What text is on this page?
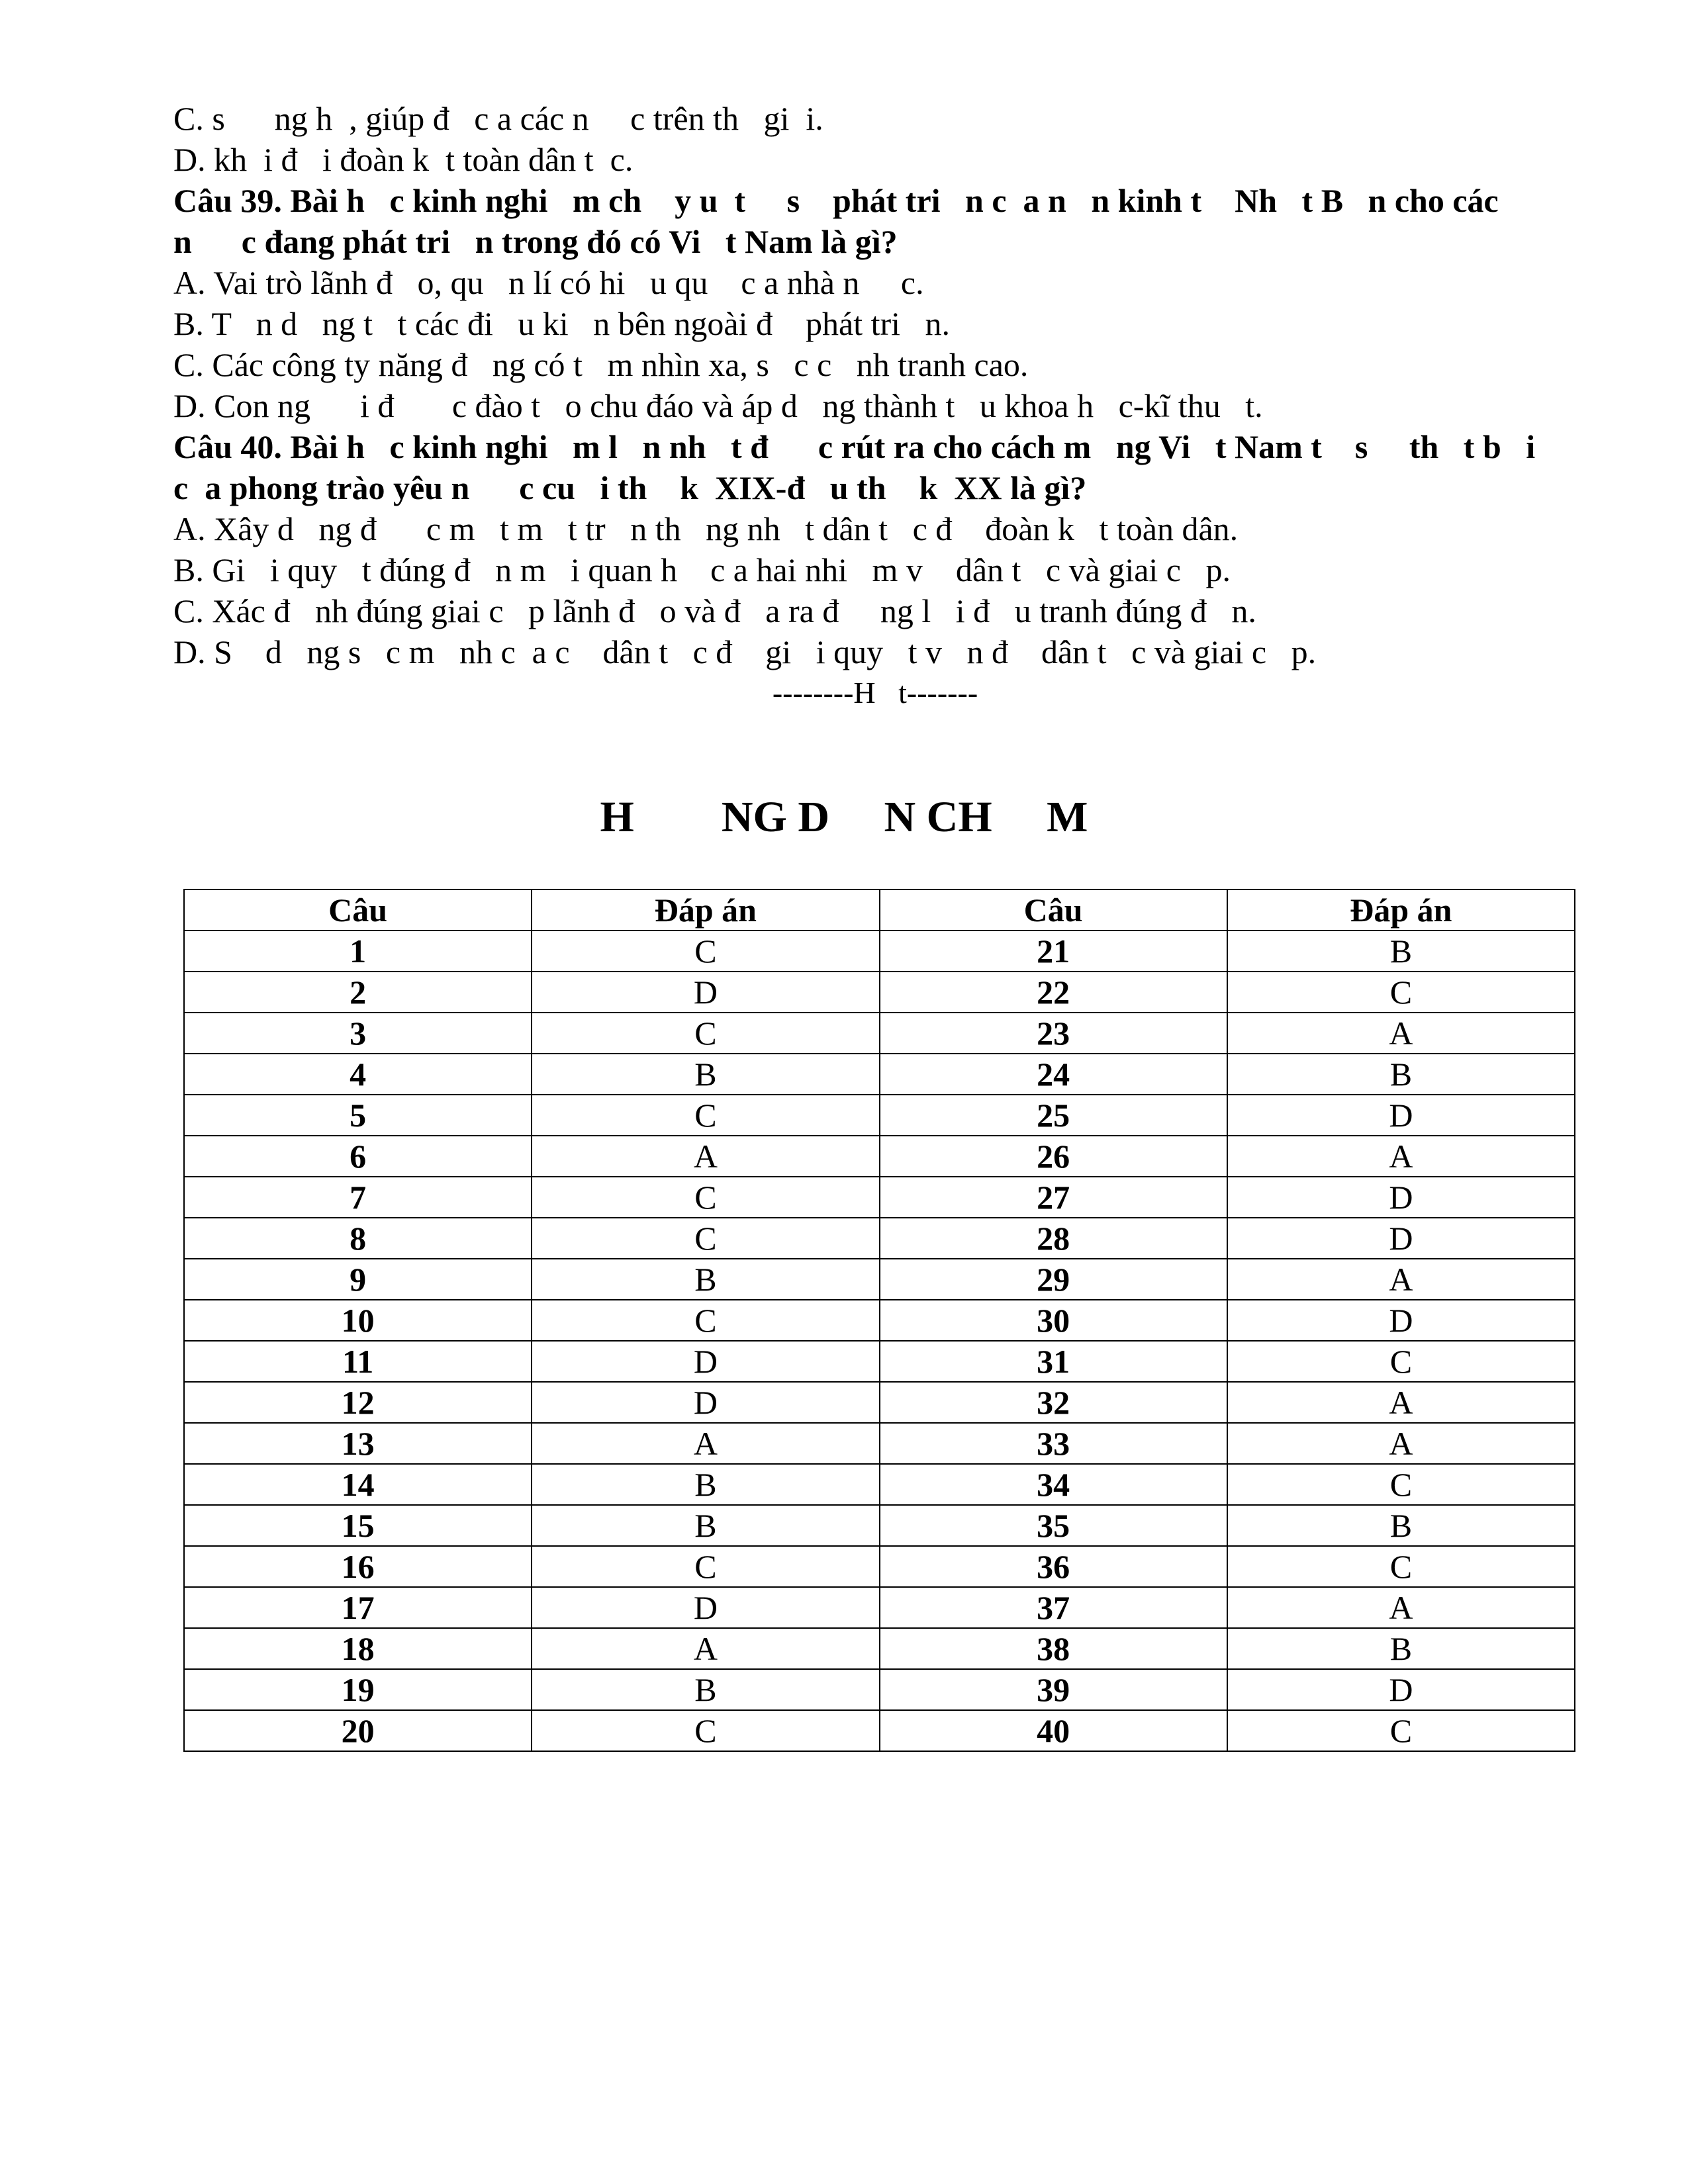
C. s      ng h  , giúp đ   c a các n     c trên th   gi  i.

D. kh  i đ   i đoàn k  t toàn dân t  c.

Câu 39. Bài h   c kinh nghi   m ch    y u  t     s    phát tri   n c  a n   n kinh t    Nh   t B   n cho các

n      c đang phát tri   n trong đó có Vi   t Nam là gì?

A. Vai trò lãnh đ   o, qu   n lí có hi   u qu    c a nhà n     c.

B. T   n d   ng t   t các đi   u ki   n bên ngoài đ    phát tri   n.

C. Các công ty năng đ   ng có t   m nhìn xa, s   c c   nh tranh cao.

D. Con ng      i đ       c đào t   o chu đáo và áp d   ng thành t   u khoa h   c-kĩ thu   t.

Câu 40. Bài h   c kinh nghi   m l   n nh   t đ      c rút ra cho cách m   ng Vi   t Nam t    s     th   t b   i

c  a phong trào yêu n      c cu   i th    k  XIX-đ   u th    k  XX là gì?

A. Xây d   ng đ      c m   t m   t tr   n th   ng nh   t dân t   c đ    đoàn k   t toàn dân.

B. Gi   i quy   t đúng đ   n m   i quan h    c a hai nhi   m v    dân t   c và giai c   p.

C. Xác đ   nh đúng giai c   p lãnh đ   o và đ   a ra đ     ng l   i đ   u tranh đúng đ   n.

D. S    d   ng s   c m   nh c  a c    dân t   c đ    gi   i quy   t v   n đ    dân t   c và giai c   p.

--------H   t-------

H        NG D     N CH     M

Câu	Đáp án	Câu	Đáp án
1	C	21	B
2	D	22	C
3	C	23	A
4	B	24	B
5	C	25	D
6	A	26	A
7	C	27	D
8	C	28	D
9	B	29	A
10	C	30	D
11	D	31	C
12	D	32	A
13	A	33	A
14	B	34	C
15	B	35	B
16	C	36	C
17	D	37	A
18	A	38	B
19	B	39	D
20	C	40	C
